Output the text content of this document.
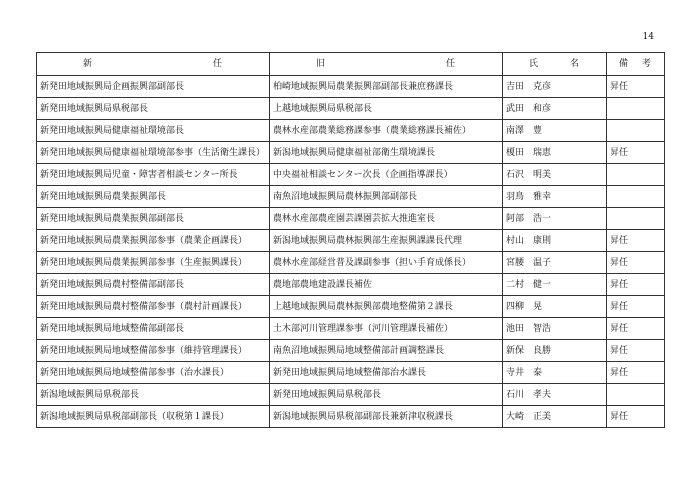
14
新任	旧任	氏名	備考
新発田地域振興局企画振興部副部長	柏崎地域振興局農業振興部副部長兼庶務課長	吉田　克彦	昇任
新発田地域振興局県税部長	上越地域振興局県税部長	武田　和彦	
新発田地域振興局健康福祉環境部長	農林水産部農業総務課参事（農業総務課長補佐）	南澤　豊	
新発田地域振興局健康福祉環境部参事（生活衛生課長）	新潟地域振興局健康福祉部衛生環境課長	榎田　瑞恵	昇任
新発田地域振興局児童・障害者相談センター所長	中央福祉相談センター次長（企画指導課長）	石沢　明美	
新発田地域振興局農業振興部長	南魚沼地域振興局農林振興部副部長	羽鳥　雅幸	
新発田地域振興局農業振興部副部長	農林水産部農産園芸課園芸拡大推進室長	阿部　浩一	
新発田地域振興局農業振興部参事（農業企画課長）	新潟地域振興局農林振興部生産振興課課長代理	村山　康則	昇任
新発田地域振興局農業振興部参事（生産振興課長）	農林水産部経営普及課副参事（担い手育成係長）	宮腰　温子	昇任
新発田地域振興局農村整備部副部長	農地部農地建設課長補佐	二村　健一	昇任
新発田地域振興局農村整備部参事（農村計画課長）	上越地域振興局農林振興部農地整備第２課長	四柳　晃	昇任
新発田地域振興局地域整備部副部長	土木部河川管理課参事（河川管理課長補佐）	池田　智浩	昇任
新発田地域振興局地域整備部参事（維持管理課長）	南魚沼地域振興局地域整備部計画調整課長	新保　良勝	昇任
新発田地域振興局地域整備部参事（治水課長）	新発田地域振興局地域整備部治水課長	寺井　泰	昇任
新潟地域振興局県税部長	新発田地域振興局県税部長	石川　孝夫	
新潟地域振興局県税部副部長（収税第１課長）	新潟地域振興局県税部副部長兼新津収税課長	大崎　正美	昇任
